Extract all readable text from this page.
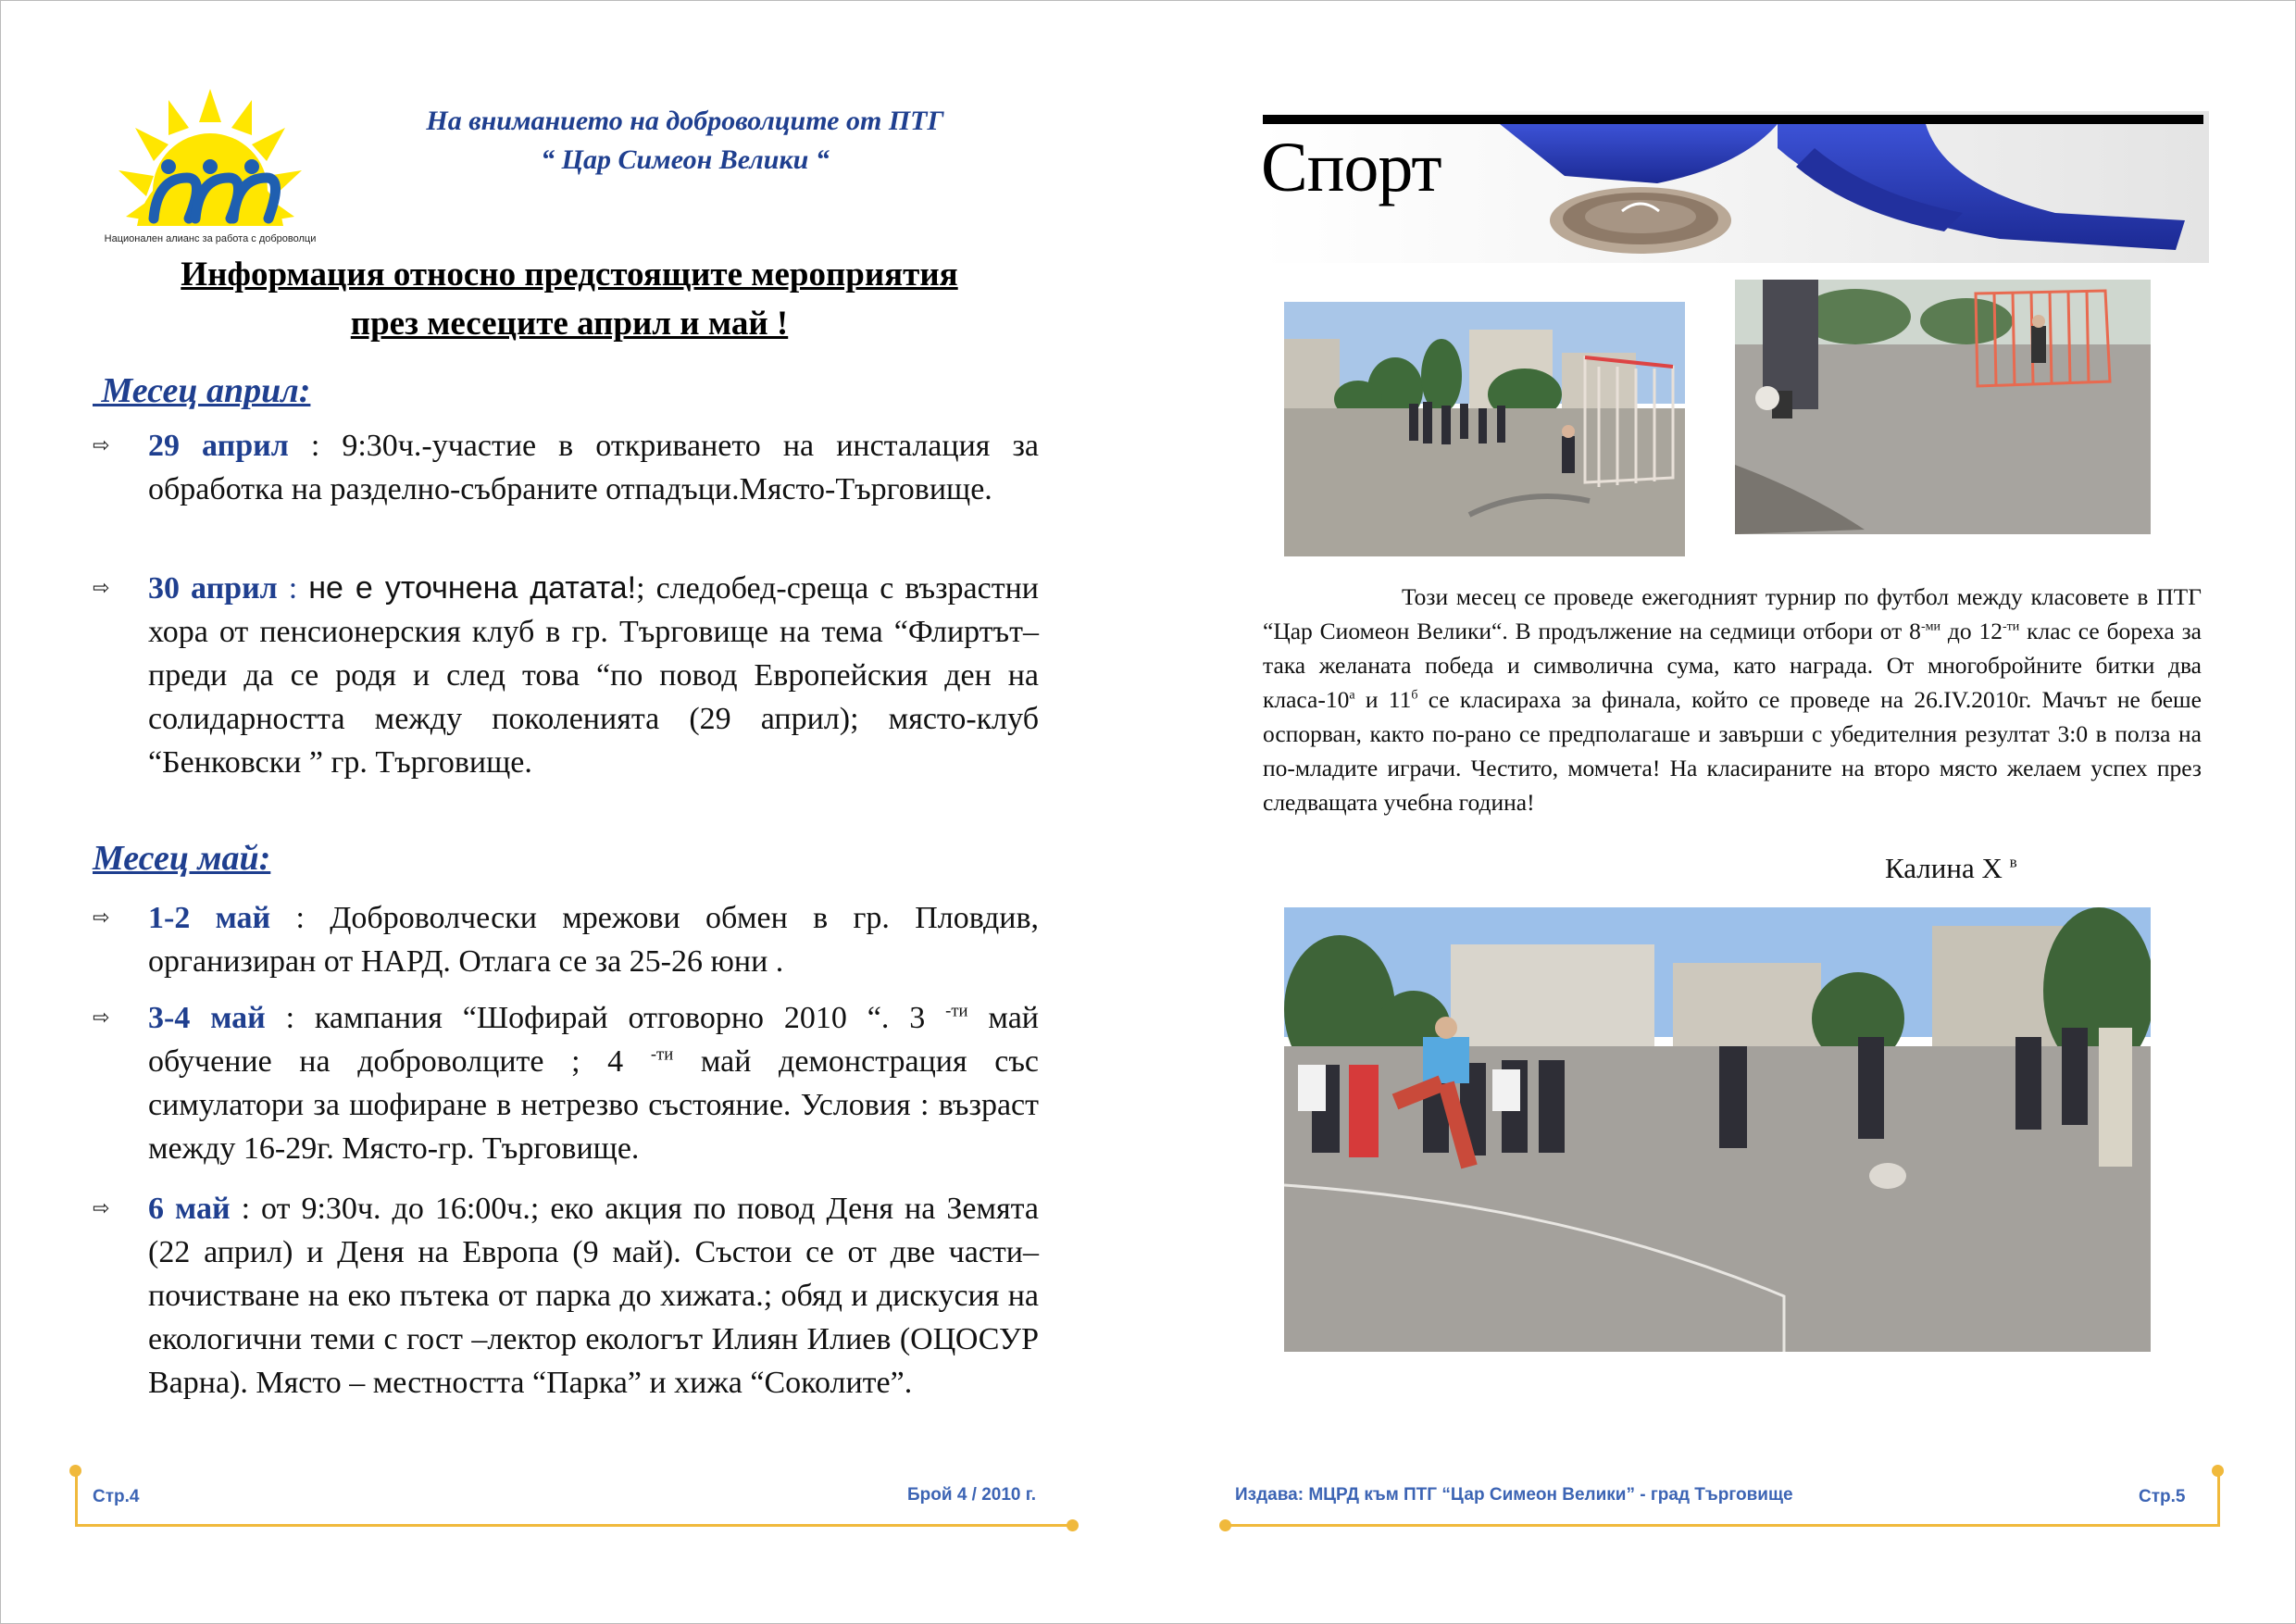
Национален алианс за работа с доброволци
На вниманието на доброволците от ПТГ
“ Цар Симеон Велики “
Информация относно предстоящите мероприятия
през месеците април и май !
Месец април:
⇨	29 април : 9:30ч.-участие в откриването на инсталация за обработка на разделно-събраните отпадъци.Място-Търговище.
⇨	30 април : не е уточнена датата!; следобед-среща с възрастни хора от пенсионерския клуб в гр. Търговище на тема “Флиртът– преди да се родя и след това “по повод Европейския ден на солидарността между поколенията (29 април); място-клуб “Бенковски ” гр. Търговище.
Месец май:
⇨	1-2 май : Доброволчески мрежови обмен в гр. Пловдив, организиран от НАРД. Отлага се за 25-26 юни .
⇨	3-4 май : кампания “Шофирай отговорно 2010 “. 3 $^{-ти}$ май обучение на доброволците ; 4 $^{-ти}$ май демонстрация със симулатори за шофиране в нетрезво състояние. Условия : възраст между 16-29г. Място-гр. Търговище.
⇨	6 май : от 9:30ч. до 16:00ч.; еко акция по повод Деня на Земята (22 април) и Деня на Европа (9 май). Състои се от две части– почистване на еко пътека от парка до хижата.; обяд и дискусия на екологични теми с гост –лектор екологът Илиян Илиев (ОЦОСУР Варна). Място – местността “Парка” и хижа “Соколите”.
Стр.4	Брой 4 / 2010 г.
Спорт
Този месец се проведе ежегодният турнир по футбол между класовете в ПТГ “Цар Сиомеон Велики“. В продължение на седмици отбори от $8^{-ми}$ до $12^{-ти}$ клас се бореха за така желаната победа и символична сума, като награда. От многобройните битки два класа-$10^а$ и $11^б$ се класираха за финала, който се проведе на 26.IV.2010г. Мачът не беше оспорван, както по-рано се предполагаше и завърши с убедителния резултат 3:0 в полза на по-младите играчи. Честито, момчета! На класираните на второ място желаем успех през следващата учебна година!
Калина Х $^в$
Издава: МЦРД към ПТГ “Цар Симеон Велики” - град Търговище	Стр.5
